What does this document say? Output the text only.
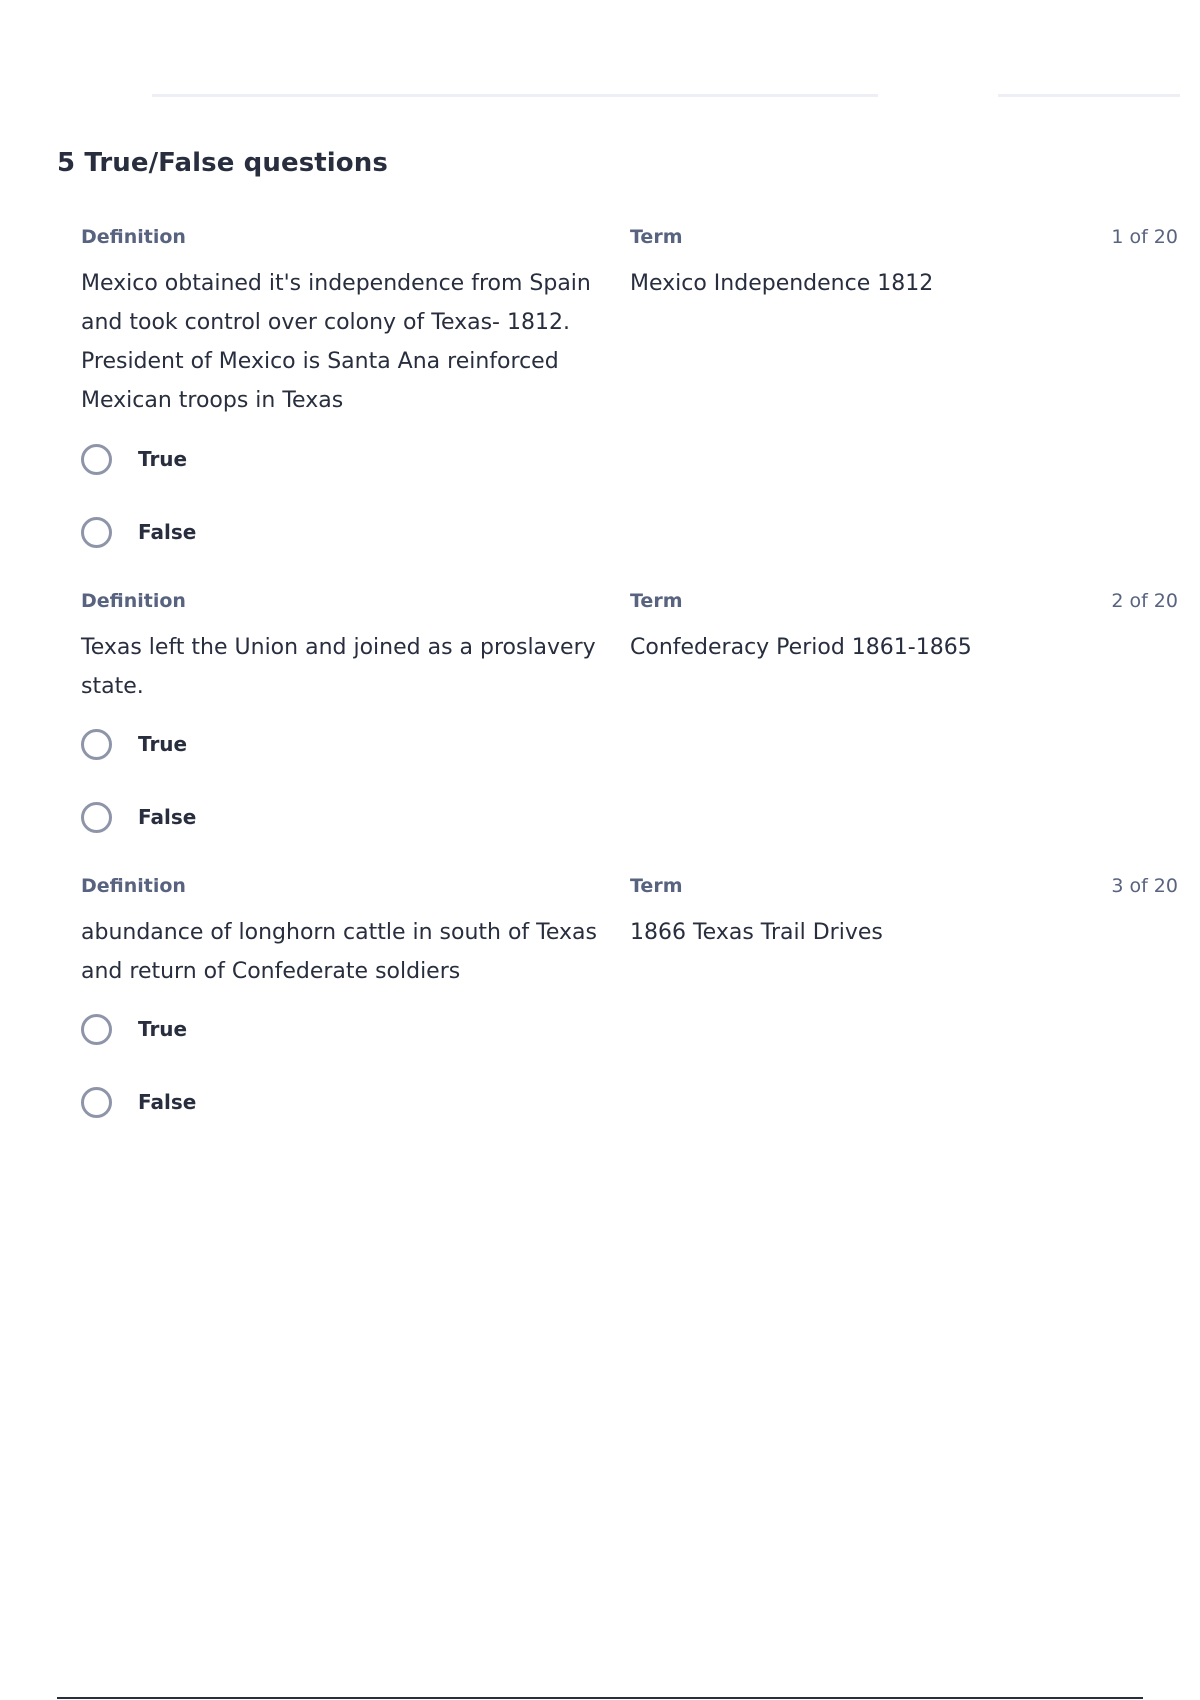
5 True/False questions

Definition	Term	1 of 20

Mexico obtained it's independence from Spain and took control over colony of Texas- 1812. President of Mexico is Santa Ana reinforced Mexican troops in Texas

Mexico Independence 1812

True
False

Definition	Term	2 of 20

Texas left the Union and joined as a proslavery state.

Confederacy Period 1861-1865

True
False

Definition	Term	3 of 20

abundance of longhorn cattle in south of Texas and return of Confederate soldiers

1866 Texas Trail Drives

True
False
